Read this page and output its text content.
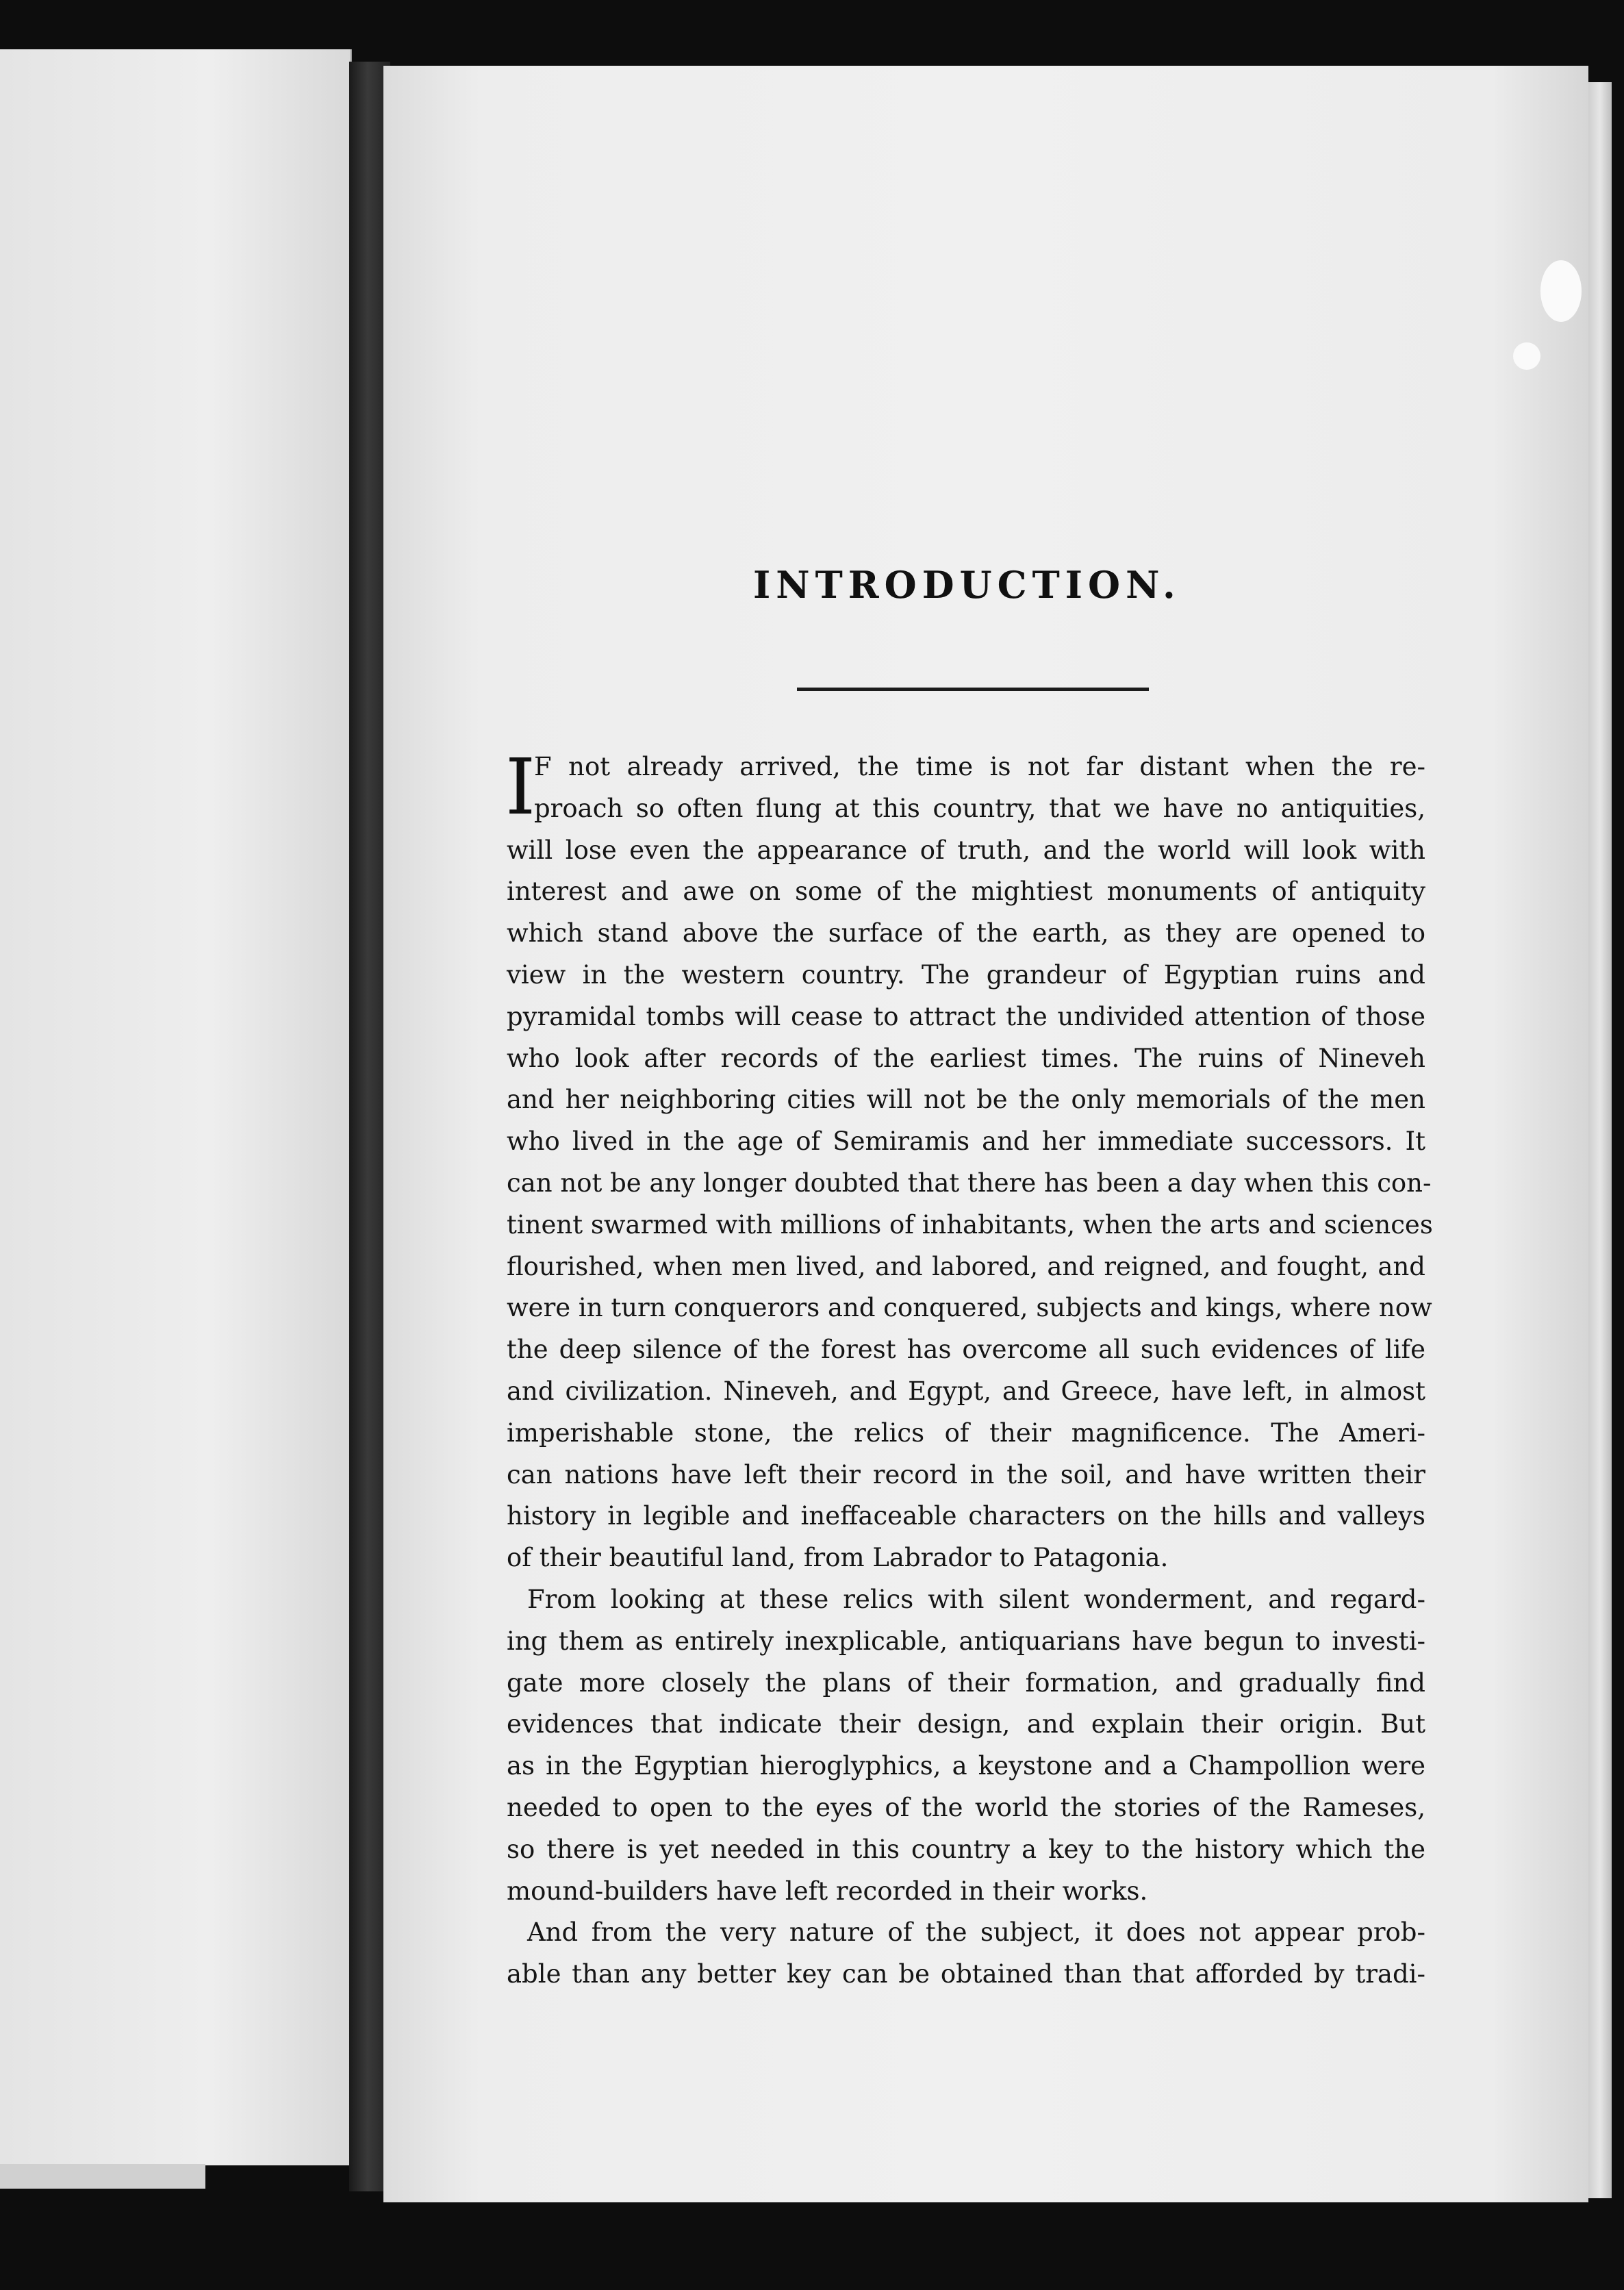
INTRODUCTION.
I
F not already arrived, the time is not far distant when the re-
proach so often flung at this country, that we have no antiquities,
will lose even the appearance of truth, and the world will look with
interest and awe on some of the mightiest monuments of antiquity
which stand above the surface of the earth, as they are opened to
view in the western country. The grandeur of Egyptian ruins and
pyramidal tombs will cease to attract the undivided attention of those
who look after records of the earliest times. The ruins of Nineveh
and her neighboring cities will not be the only memorials of the men
who lived in the age of Semiramis and her immediate successors. It
can not be any longer doubted that there has been a day when this con-
tinent swarmed with millions of inhabitants, when the arts and sciences
flourished, when men lived, and labored, and reigned, and fought, and
were in turn conquerors and conquered, subjects and kings, where now
the deep silence of the forest has overcome all such evidences of life
and civilization. Nineveh, and Egypt, and Greece, have left, in almost
imperishable stone, the relics of their magnificence. The Ameri-
can nations have left their record in the soil, and have written their
history in legible and ineffaceable characters on the hills and valleys
of their beautiful land, from Labrador to Patagonia.
From looking at these relics with silent wonderment, and regard-
ing them as entirely inexplicable, antiquarians have begun to investi-
gate more closely the plans of their formation, and gradually find
evidences that indicate their design, and explain their origin. But
as in the Egyptian hieroglyphics, a keystone and a Champollion were
needed to open to the eyes of the world the stories of the Rameses,
so there is yet needed in this country a key to the history which the
mound-builders have left recorded in their works.
And from the very nature of the subject, it does not appear prob-
able than any better key can be obtained than that afforded by tradi-
